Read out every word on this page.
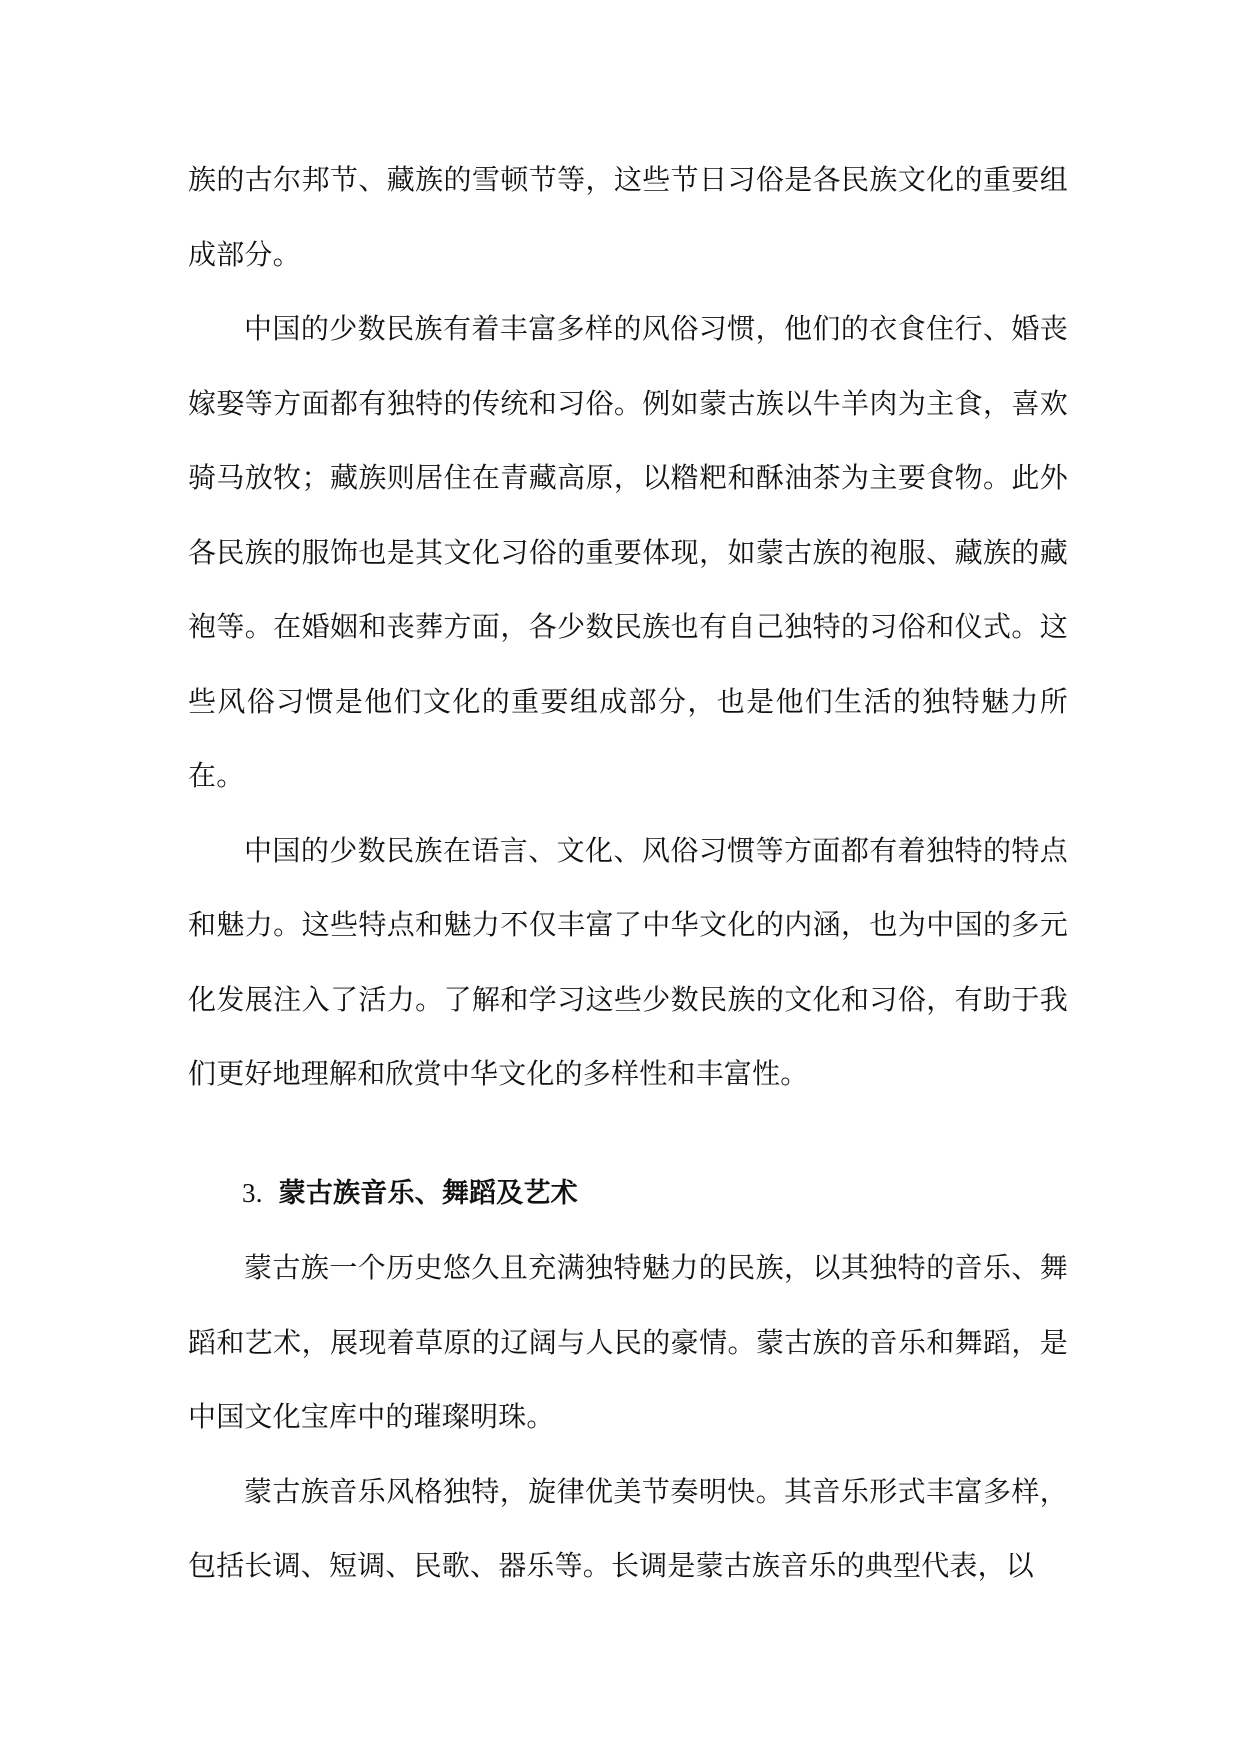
族的古尔邦节、藏族的雪顿节等，这些节日习俗是各民族文化的重要组成部分。

中国的少数民族有着丰富多样的风俗习惯，他们的衣食住行、婚丧嫁娶等方面都有独特的传统和习俗。例如蒙古族以牛羊肉为主食，喜欢骑马放牧；藏族则居住在青藏高原，以糌粑和酥油茶为主要食物。此外各民族的服饰也是其文化习俗的重要体现，如蒙古族的袍服、藏族的藏袍等。在婚姻和丧葬方面，各少数民族也有自己独特的习俗和仪式。这些风俗习惯是他们文化的重要组成部分，也是他们生活的独特魅力所在。

中国的少数民族在语言、文化、风俗习惯等方面都有着独特的特点和魅力。这些特点和魅力不仅丰富了中华文化的内涵，也为中国的多元化发展注入了活力。了解和学习这些少数民族的文化和习俗，有助于我们更好地理解和欣赏中华文化的多样性和丰富性。

3. 蒙古族音乐、舞蹈及艺术

蒙古族一个历史悠久且充满独特魅力的民族，以其独特的音乐、舞蹈和艺术，展现着草原的辽阔与人民的豪情。蒙古族的音乐和舞蹈，是中国文化宝库中的璀璨明珠。

蒙古族音乐风格独特，旋律优美节奏明快。其音乐形式丰富多样，包括长调、短调、民歌、器乐等。长调是蒙古族音乐的典型代表，以
